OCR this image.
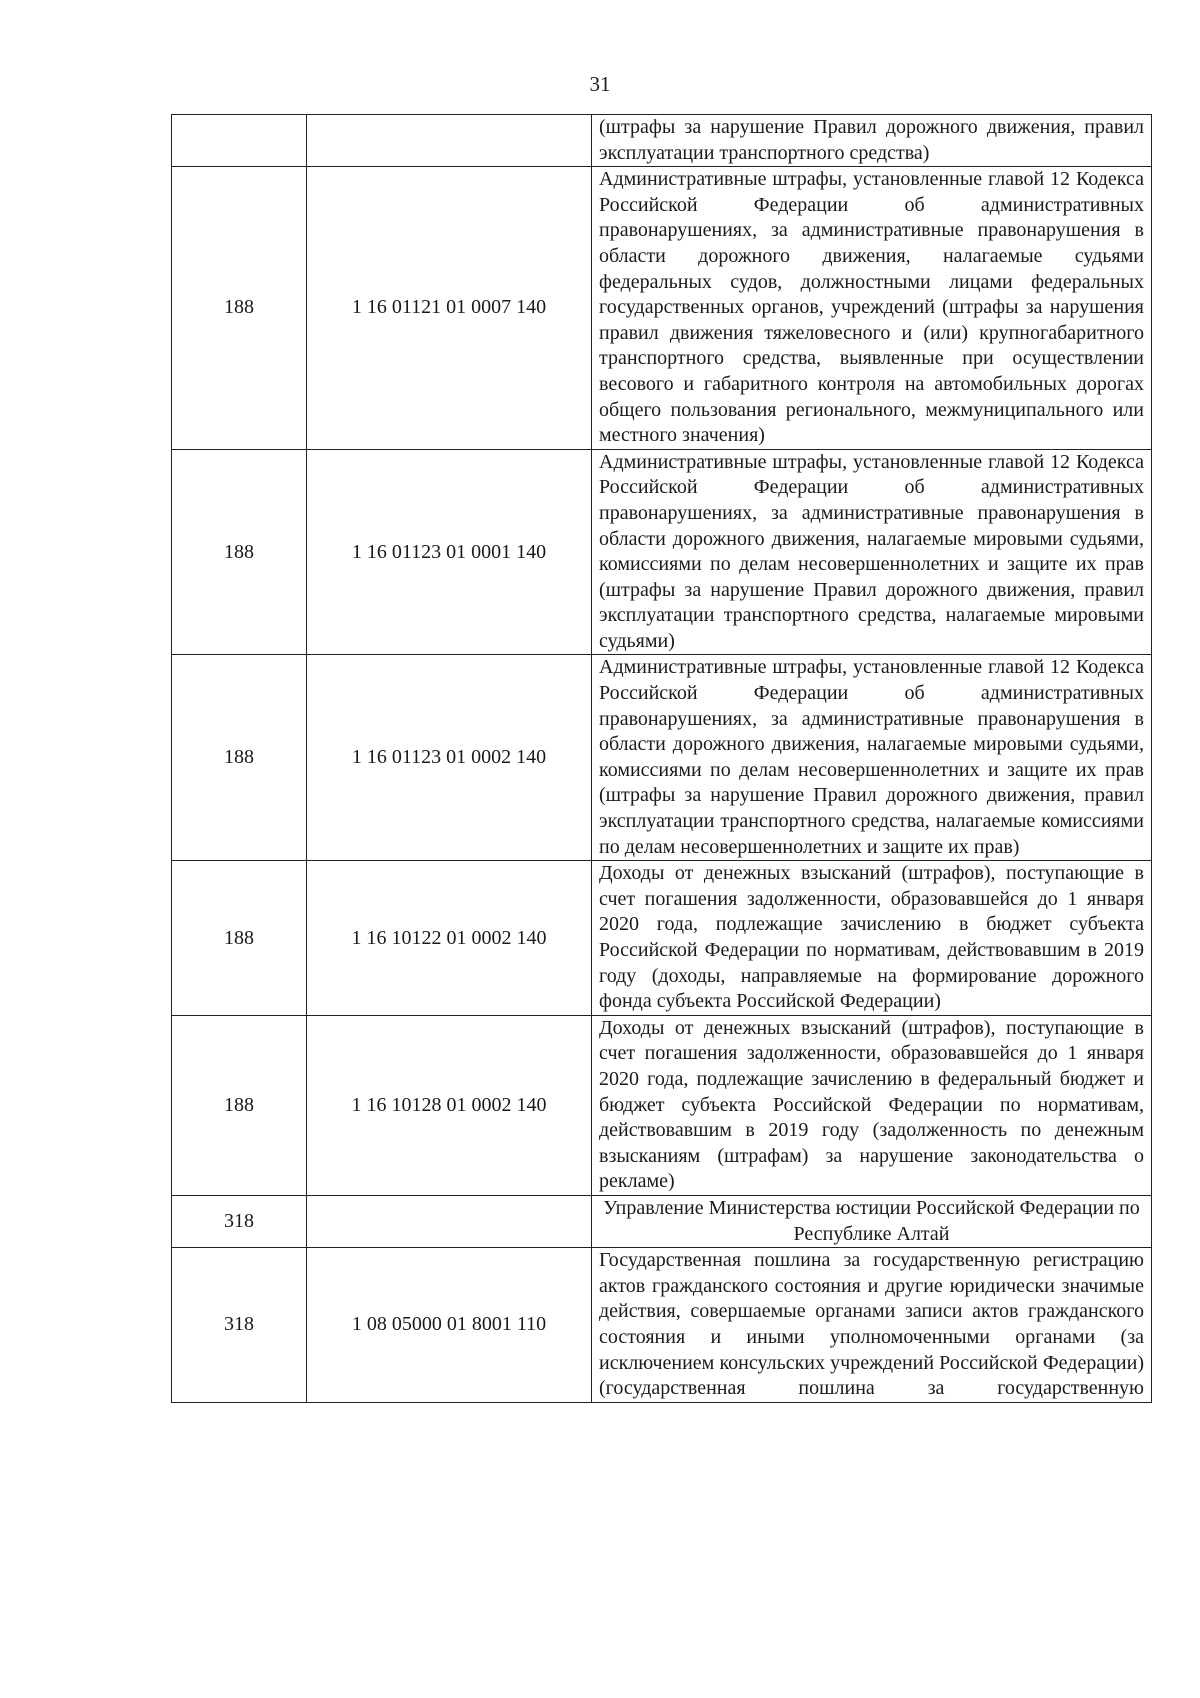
31
		(штрафы за нарушение Правил дорожного движения, правил эксплуатации транспортного средства)
188	1 16 01121 01 0007 140	Административные штрафы, установленные главой 12 Кодекса Российской Федерации об административных правонарушениях, за административные правонарушения в области дорожного движения, налагаемые судьями федеральных судов, должностными лицами федеральных государственных органов, учреждений (штрафы за нарушения правил движения тяжеловесного и (или) крупногабаритного транспортного средства, выявленные при осуществлении весового и габаритного контроля на автомобильных дорогах общего пользования регионального, межмуниципального или местного значения)
188	1 16 01123 01 0001 140	Административные штрафы, установленные главой 12 Кодекса Российской Федерации об административных правонарушениях, за административные правонарушения в области дорожного движения, налагаемые мировыми судьями, комиссиями по делам несовершеннолетних и защите их прав (штрафы за нарушение Правил дорожного движения, правил эксплуатации транспортного средства, налагаемые мировыми судьями)
188	1 16 01123 01 0002 140	Административные штрафы, установленные главой 12 Кодекса Российской Федерации об административных правонарушениях, за административные правонарушения в области дорожного движения, налагаемые мировыми судьями, комиссиями по делам несовершеннолетних и защите их прав (штрафы за нарушение Правил дорожного движения, правил эксплуатации транспортного средства, налагаемые комиссиями по делам несовершеннолетних и защите их прав)
188	1 16 10122 01 0002 140	Доходы от денежных взысканий (штрафов), поступающие в счет погашения задолженности, образовавшейся до 1 января 2020 года, подлежащие зачислению в бюджет субъекта Российской Федерации по нормативам, действовавшим в 2019 году (доходы, направляемые на формирование дорожного фонда субъекта Российской Федерации)
188	1 16 10128 01 0002 140	Доходы от денежных взысканий (штрафов), поступающие в счет погашения задолженности, образовавшейся до 1 января 2020 года, подлежащие зачислению в федеральный бюджет и бюджет субъекта Российской Федерации по нормативам, действовавшим в 2019 году (задолженность по денежным взысканиям (штрафам) за нарушение законодательства о рекламе)
318		Управление Министерства юстиции Российской Федерации по Республике Алтай
318	1 08 05000 01 8001 110	Государственная пошлина за государственную регистрацию актов гражданского состояния и другие юридически значимые действия, совершаемые органами записи актов гражданского состояния и иными уполномоченными органами (за исключением консульских учреждений Российской Федерации) (государственная пошлина за государственную
